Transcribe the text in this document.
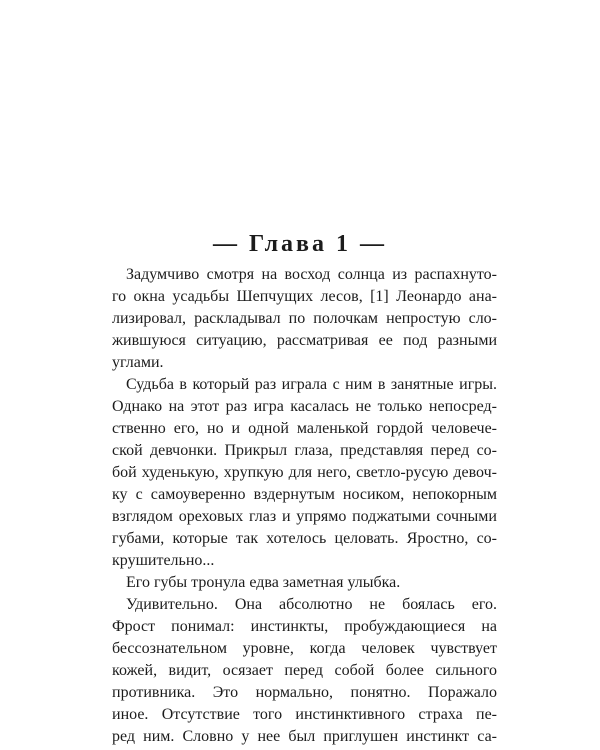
— Глава 1 —
Задумчиво смотря на восход солнца из распахнуто-
го окна усадьбы Шепчущих лесов, [1] Леонардо ана-
лизировал, раскладывал по полочкам непростую сло-
жившуюся ситуацию, рассматривая ее под разными
углами.
Судьба в который раз играла с ним в занятные игры.
Однако на этот раз игра касалась не только непосред-
ственно его, но и одной маленькой гордой человече-
ской девчонки. Прикрыл глаза, представляя перед со-
бой худенькую, хрупкую для него, светло-русую девоч-
ку с самоуверенно вздернутым носиком, непокорным
взглядом ореховых глаз и упрямо поджатыми сочными
губами, которые так хотелось целовать. Яростно, со-
крушительно...
Его губы тронула едва заметная улыбка.
Удивительно. Она абсолютно не боялась его.
Фрост понимал: инстинкты, пробуждающиеся на
бессознательном уровне, когда человек чувствует
кожей, видит, осязает перед собой более сильного
противника. Это нормально, понятно. Поражало
иное. Отсутствие того инстинктивного страха пе-
ред ним. Словно у нее был приглушен инстинкт са-
